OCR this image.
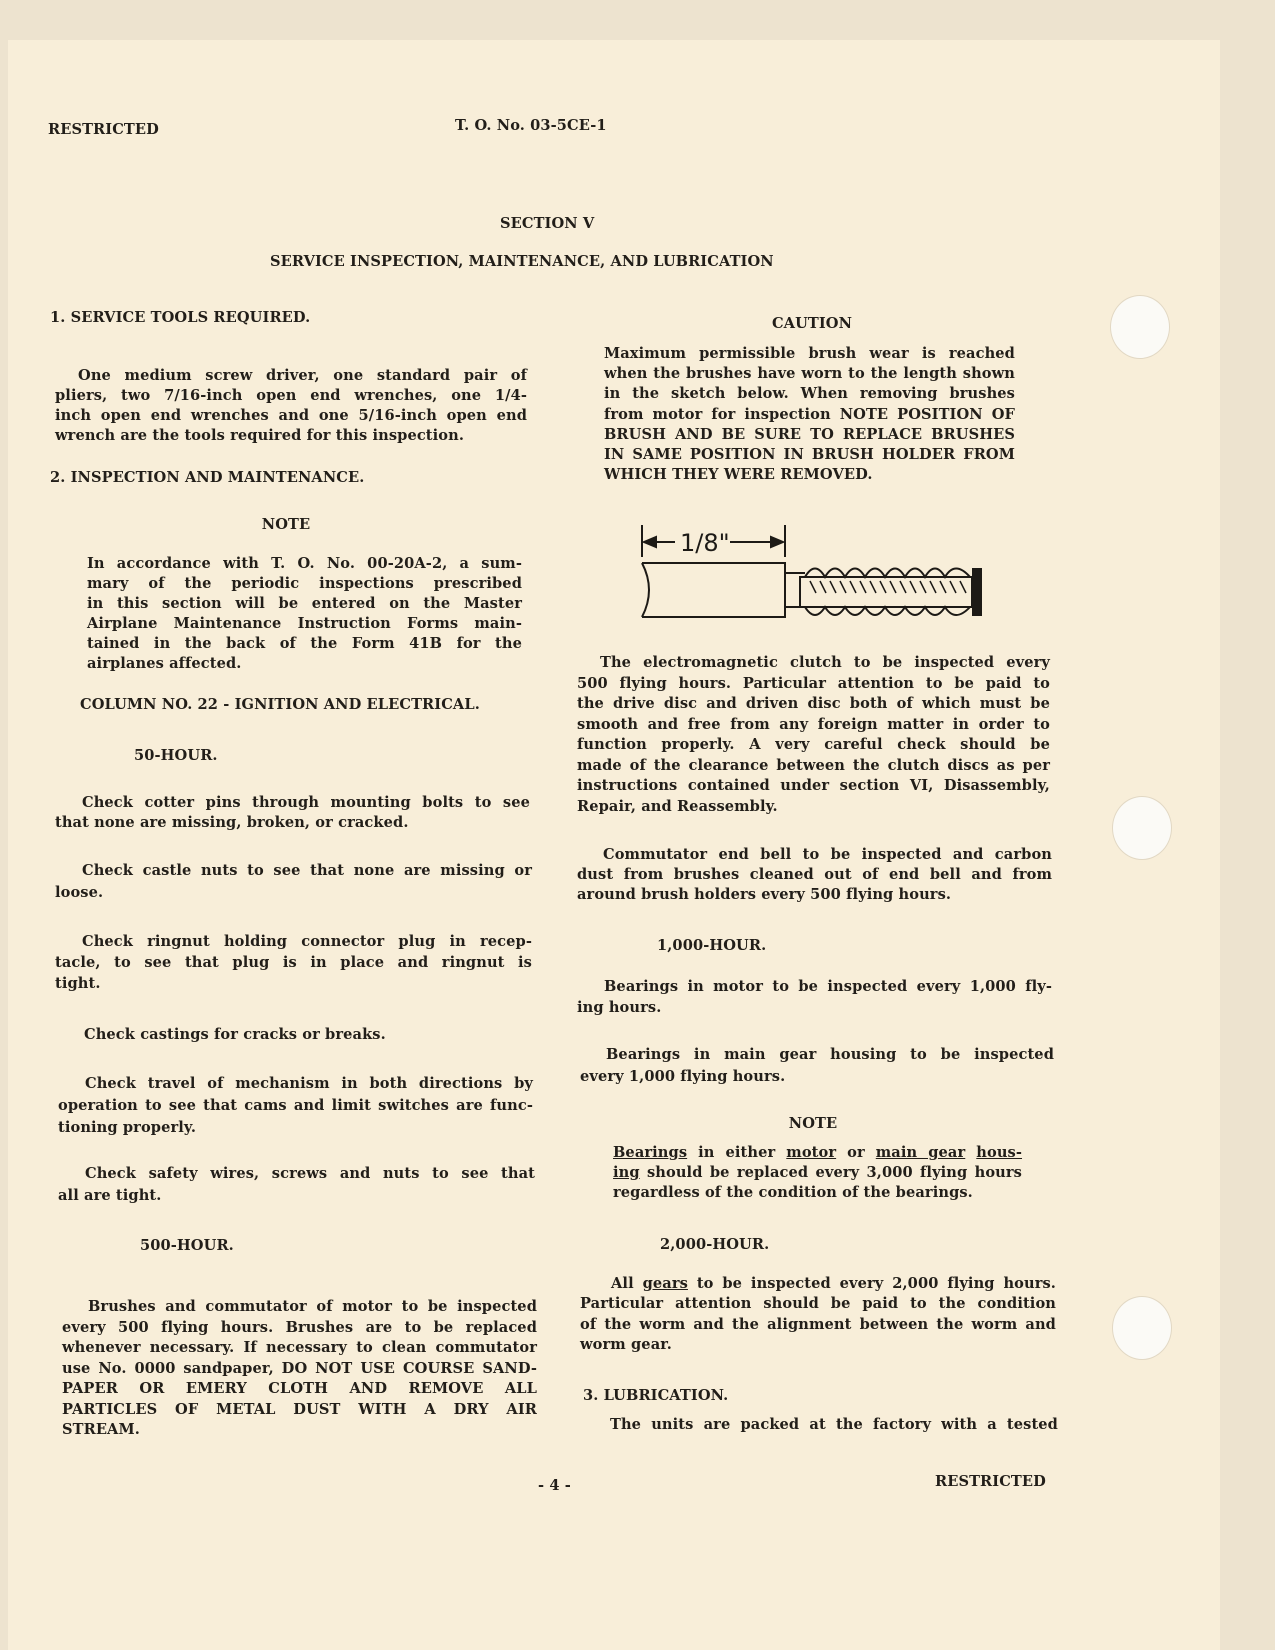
RESTRICTED	T. O. No. 03-5CE-1
SECTION V
SERVICE INSPECTION, MAINTENANCE, AND LUBRICATION
1. SERVICE TOOLS REQUIRED.
One medium screw driver, one standard pair of
pliers, two 7/16-inch open end wrenches, one 1/4-
inch open end wrenches and one 5/16-inch open end
wrench are the tools required for this inspection.
2. INSPECTION AND MAINTENANCE.
NOTE
In accordance with T. O. No. 00-20A-2, a sum-
mary of the periodic inspections prescribed
in this section will be entered on the Master
Airplane Maintenance Instruction Forms main-
tained in the back of the Form 41B for the
airplanes affected.
COLUMN NO. 22 - IGNITION AND ELECTRICAL.
50-HOUR.
Check cotter pins through mounting bolts to see
that none are missing, broken, or cracked.
Check castle nuts to see that none are missing or
loose.
Check ringnut holding connector plug in recep-
tacle, to see that plug is in place and ringnut is
tight.
Check castings for cracks or breaks.
Check travel of mechanism in both directions by
operation to see that cams and limit switches are func-
tioning properly.
Check safety wires, screws and nuts to see that
all are tight.
500-HOUR.
Brushes and commutator of motor to be inspected
every 500 flying hours. Brushes are to be replaced
whenever necessary. If necessary to clean commutator
use No. 0000 sandpaper, DO NOT USE COURSE SAND-
PAPER OR EMERY CLOTH AND REMOVE ALL
PARTICLES OF METAL DUST WITH A DRY AIR
STREAM.
CAUTION
Maximum permissible brush wear is reached
when the brushes have worn to the length shown
in the sketch below. When removing brushes
from motor for inspection NOTE POSITION OF
BRUSH AND BE SURE TO REPLACE BRUSHES
IN SAME POSITION IN BRUSH HOLDER FROM
WHICH THEY WERE REMOVED.
The electromagnetic clutch to be inspected every
500 flying hours. Particular attention to be paid to
the drive disc and driven disc both of which must be
smooth and free from any foreign matter in order to
function properly. A very careful check should be
made of the clearance between the clutch discs as per
instructions contained under section VI, Disassembly,
Repair, and Reassembly.
Commutator end bell to be inspected and carbon
dust from brushes cleaned out of end bell and from
around brush holders every 500 flying hours.
1,000-HOUR.
Bearings in motor to be inspected every 1,000 fly-
ing hours.
Bearings in main gear housing to be inspected
every 1,000 flying hours.
NOTE
Bearings in either motor or main gear hous-
ing should be replaced every 3,000 flying hours
regardless of the condition of the bearings.
2,000-HOUR.
All gears to be inspected every 2,000 flying hours.
Particular attention should be paid to the condition
of the worm and the alignment between the worm and
worm gear.
3. LUBRICATION.
The units are packed at the factory with a tested
1/8"
- 4 -	RESTRICTED
